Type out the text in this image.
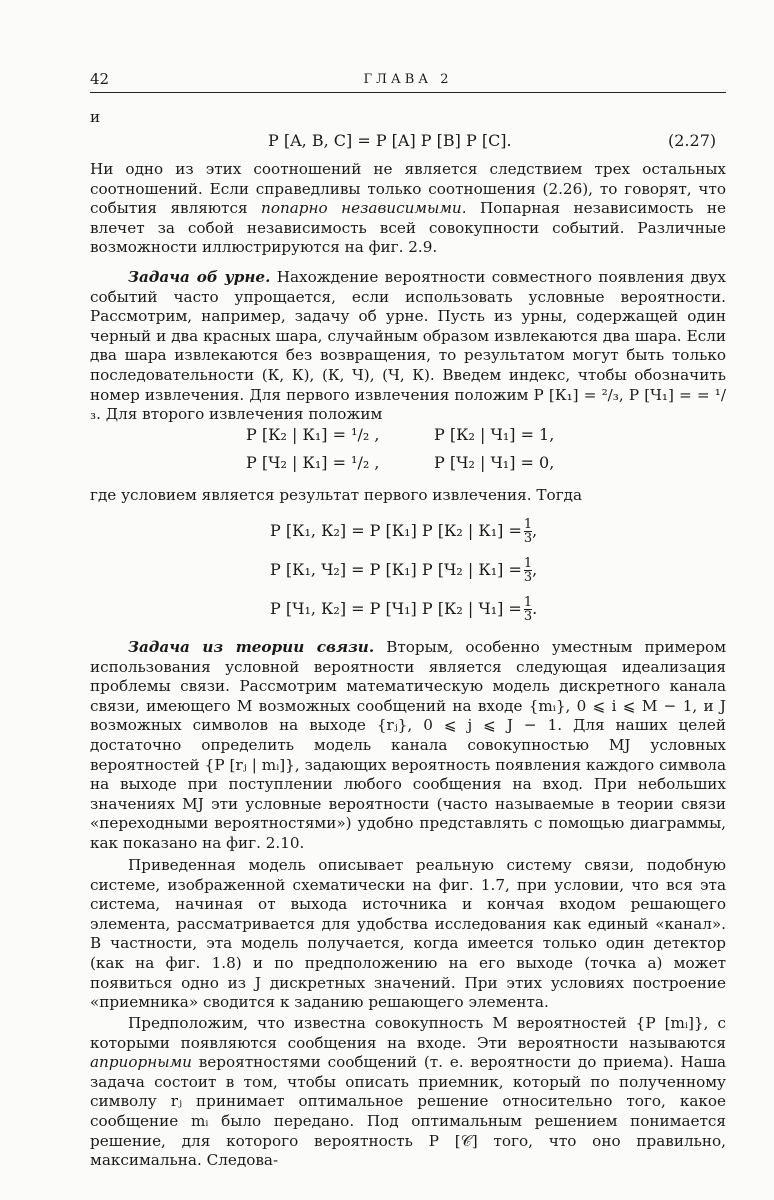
42	ГЛАВА 2
и
P [A, B, C] = P [A] P [B] P [C].	(2.27)
Ни одно из этих соотношений не является следствием трех остальных соотношений. Если справедливы только соотношения (2.26), то говорят, что события являются попарно независимыми. Попарная независимость не влечет за собой независимость всей совокупности событий. Различные возможности иллюстрируются на фиг. 2.9.
Задача об урне. Нахождение вероятности совместного появления двух событий часто упрощается, если использовать условные вероятности. Рассмотрим, например, задачу об урне. Пусть из урны, содержащей один черный и два красных шара, случайным образом извлекаются два шара. Если два шара извлекаются без возвращения, то результатом могут быть только последовательности (К, К), (К, Ч), (Ч, К). Введем индекс, чтобы обозначить номер извлечения. Для первого извлечения положим P [К₁] = ²/₃, P [Ч₁] = = ¹/₃. Для второго извлечения положим
P [К₂ | К₁] = ¹/₂ ,	P [К₂ | Ч₁] = 1,
P [Ч₂ | К₁] = ¹/₂ ,	P [Ч₂ | Ч₁] = 0,
где условием является результат первого извлечения. Тогда
P [К₁, К₂] = P [К₁] P [К₂ | $К_1] = \frac{1}{3}$ ,
P [К₁, Ч₂] = P [К₁] P [Ч₂ | $К_1] = \frac{1}{3}$ ,
P [Ч₁, К₂] = P [Ч₁] P [К₂ | $Ч_1] = \frac{1}{3}$ .
Задача из теории связи. Вторым, особенно уместным примером использования условной вероятности является следующая идеализация проблемы связи. Рассмотрим математическую модель дискретного канала связи, имеющего M возможных сообщений на входе {mᵢ}, 0 ⩽ i ⩽ M − 1, и J возможных символов на выходе {rⱼ}, 0 ⩽ j ⩽ J − 1. Для наших целей достаточно определить модель канала совокупностью MJ условных вероятностей {P [rⱼ | mᵢ]}, задающих вероятность появления каждого символа на выходе при поступлении любого сообщения на вход. При небольших значениях MJ эти условные вероятности (часто называемые в теории связи «переходными вероятностями») удобно представлять с помощью диаграммы, как показано на фиг. 2.10.
Приведенная модель описывает реальную систему связи, подобную системе, изображенной схематически на фиг. 1.7, при условии, что вся эта система, начиная от выхода источника и кончая входом решающего элемента, рассматривается для удобства исследования как единый «канал». В частности, эта модель получается, когда имеется только один детектор (как на фиг. 1.8) и по предположению на его выходе (точка a) может появиться одно из J дискретных значений. При этих условиях построение «приемника» сводится к заданию решающего элемента.
Предположим, что известна совокупность M вероятностей {P [mᵢ]}, с которыми появляются сообщения на входе. Эти вероятности называются априорными вероятностями сообщений (т. е. вероятности до приема). Наша задача состоит в том, чтобы описать приемник, который по полученному символу rⱼ принимает оптимальное решение относительно того, какое сообщение mᵢ было передано. Под оптимальным решением понимается решение, для которого вероятность P [𝒞] того, что оно правильно, максимальна. Следова-
